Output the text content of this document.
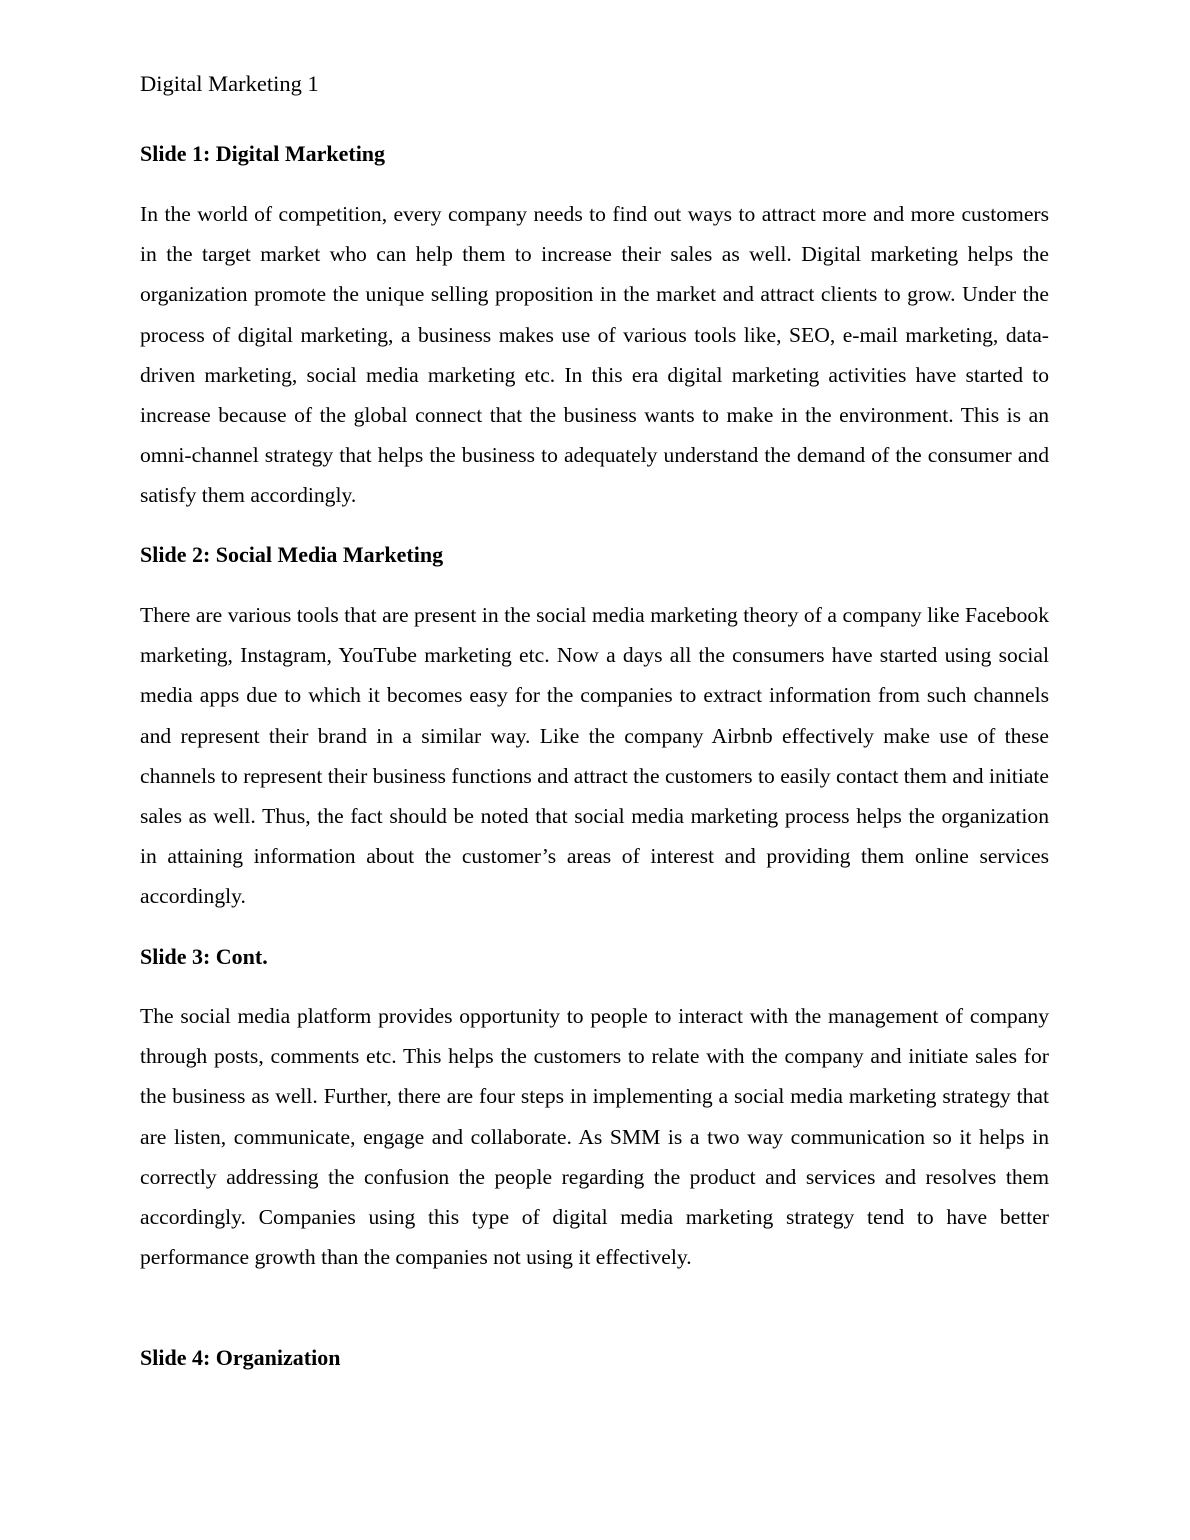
Digital Marketing 1
Slide 1: Digital Marketing

In the world of competition, every company needs to find out ways to attract more and more customers in the target market who can help them to increase their sales as well. Digital marketing helps the organization promote the unique selling proposition in the market and attract clients to grow. Under the process of digital marketing, a business makes use of various tools like, SEO, e-mail marketing, data-driven marketing, social media marketing etc. In this era digital marketing activities have started to increase because of the global connect that the business wants to make in the environment. This is an omni-channel strategy that helps the business to adequately understand the demand of the consumer and satisfy them accordingly.

Slide 2: Social Media Marketing

There are various tools that are present in the social media marketing theory of a company like Facebook marketing, Instagram, YouTube marketing etc. Now a days all the consumers have started using social media apps due to which it becomes easy for the companies to extract information from such channels and represent their brand in a similar way. Like the company Airbnb effectively make use of these channels to represent their business functions and attract the customers to easily contact them and initiate sales as well. Thus, the fact should be noted that social media marketing process helps the organization in attaining information about the customer’s areas of interest and providing them online services accordingly.

Slide 3: Cont.

The social media platform provides opportunity to people to interact with the management of company through posts, comments etc. This helps the customers to relate with the company and initiate sales for the business as well. Further, there are four steps in implementing a social media marketing strategy that are listen, communicate, engage and collaborate. As SMM is a two way communication so it helps in correctly addressing the confusion the people regarding the product and services and resolves them accordingly. Companies using this type of digital media marketing strategy tend to have better performance growth than the companies not using it effectively.

Slide 4: Organization
